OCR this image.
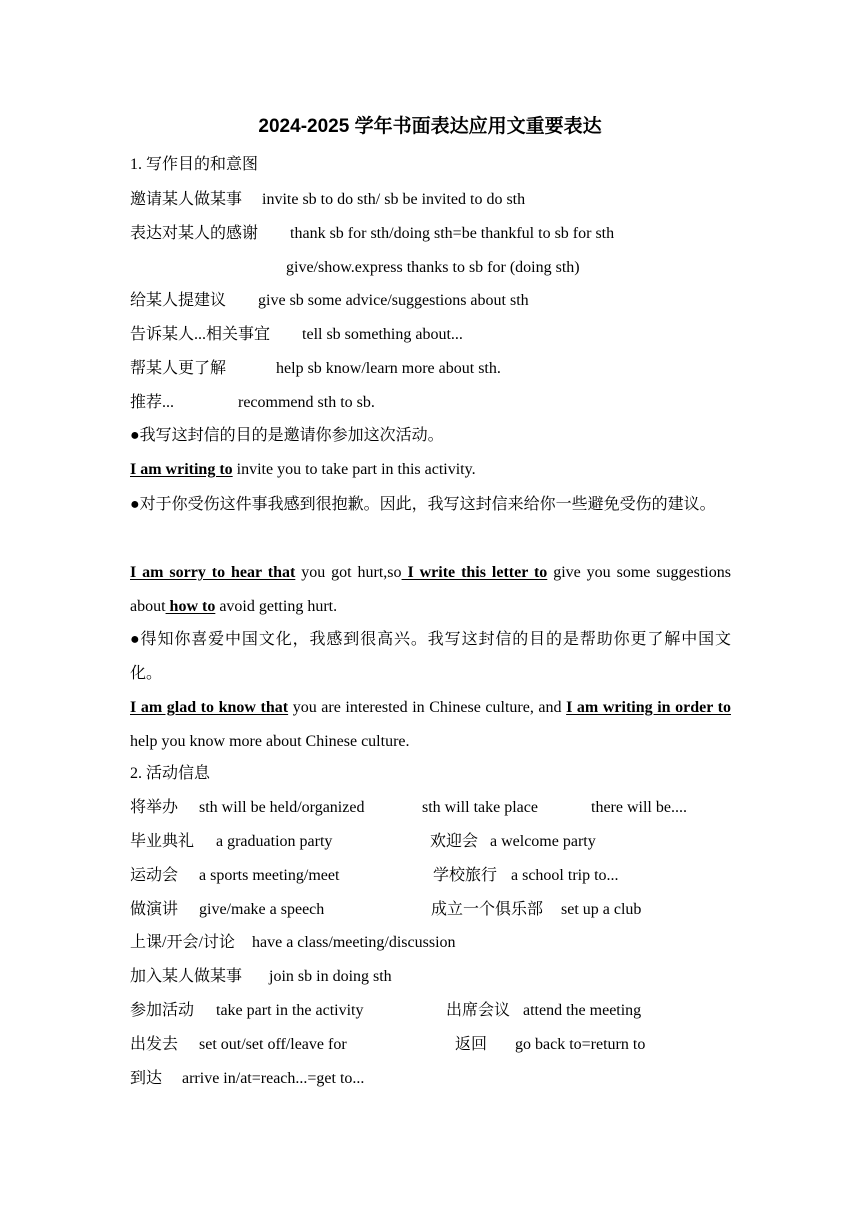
2024-2025 学年书面表达应用文重要表达
1. 写作目的和意图
邀请某人做某事 invite sb to do sth/ sb be invited to do sth
表达对某人的感谢 thank sb for sth/doing sth=be thankful to sb for sth
give/show.express thanks to sb for (doing sth)
给某人提建议 give sb some advice/suggestions about sth
告诉某人...相关事宜 tell sb something about...
帮某人更了解	help sb know/learn more about sth.
推荐...	recommend sth to sb.
●我写这封信的目的是邀请你参加这次活动。
I am writing to invite you to take part in this activity.
●对于你受伤这件事我感到很抱歉。因此，我写这封信来给你一些避免受伤的建议。
I am sorry to hear that you got hurt,so I write this letter to give you some suggestions about how to avoid getting hurt.
●得知你喜爱中国文化，我感到很高兴。我写这封信的目的是帮助你更了解中国文化。
I am glad to know that you are interested in Chinese culture, and I am writing in order to help you know more about Chinese culture.
2. 活动信息
将举办 sth will be held/organized	sth will take place	there will be....
毕业典礼 a graduation party	欢迎会 a welcome party
运动会 a sports meeting/meet	学校旅行 a school trip to...
做演讲 give/make a speech	成立一个俱乐部 set up a club
上课/开会/讨论 have a class/meeting/discussion
加入某人做某事 join sb in doing sth
参加活动 take part in the activity	出席会议 attend the meeting
出发去 set out/set off/leave for	返回 go back to=return to
到达 arrive in/at=reach...=get to...
